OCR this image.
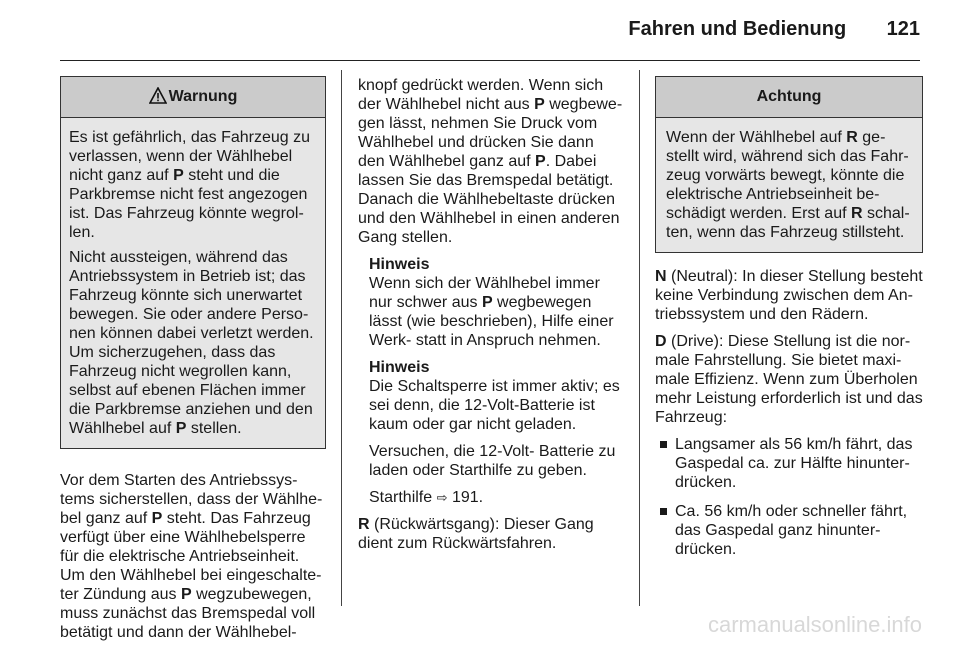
Fahren und Bedienung 121
Warnung

Es ist gefährlich, das Fahrzeug zu verlassen, wenn der Wählhebel nicht ganz auf P steht und die Parkbremse nicht fest angezogen ist. Das Fahrzeug könnte wegrol- len.

Nicht aussteigen, während das Antriebssystem in Betrieb ist; das Fahrzeug könnte sich unerwartet bewegen. Sie oder andere Perso- nen können dabei verletzt werden. Um sicherzugehen, dass das Fahrzeug nicht wegrollen kann, selbst auf ebenen Flächen immer die Parkbremse anziehen und den Wählhebel auf P stellen.

Vor dem Starten des Antriebssys- tems sicherstellen, dass der Wählhe- bel ganz auf P steht. Das Fahrzeug verfügt über eine Wählhebelsperre für die elektrische Antriebseinheit. Um den Wählhebel bei eingeschalte- ter Zündung aus P wegzubewegen, muss zunächst das Bremspedal voll betätigt und dann der Wählhebel-

knopf gedrückt werden. Wenn sich der Wählhebel nicht aus P wegbewe- gen lässt, nehmen Sie Druck vom Wählhebel und drücken Sie dann den Wählhebel ganz auf P. Dabei lassen Sie das Bremspedal betätigt. Danach die Wählhebeltaste drücken und den Wählhebel in einen anderen Gang stellen.

Hinweis
Wenn sich der Wählhebel immer nur schwer aus P wegbewegen lässt (wie beschrieben), Hilfe einer Werk- statt in Anspruch nehmen.
Hinweis

Die Schaltsperre ist immer aktiv; es sei denn, die 12-Volt-Batterie ist kaum oder gar nicht geladen.

Versuchen, die 12-Volt- Batterie zu laden oder Starthilfe zu geben.

Starthilfe ⇨ 191.

R (Rückwärtsgang): Dieser Gang dient zum Rückwärtsfahren.

Achtung

Wenn der Wählhebel auf R ge- stellt wird, während sich das Fahr- zeug vorwärts bewegt, könnte die elektrische Antriebseinheit be- schädigt werden. Erst auf R schal- ten, wenn das Fahrzeug stillsteht.

N (Neutral): In dieser Stellung besteht keine Verbindung zwischen dem An- triebssystem und den Rädern.

D (Drive): Diese Stellung ist die nor- male Fahrstellung. Sie bietet maxi- male Effizienz. Wenn zum Überholen mehr Leistung erforderlich ist und das Fahrzeug:

Langsamer als 56 km/h fährt, das Gaspedal ca. zur Hälfte hinunter- drücken.
Ca. 56 km/h oder schneller fährt, das Gaspedal ganz hinunter- drücken.
carmanualsonline.info
